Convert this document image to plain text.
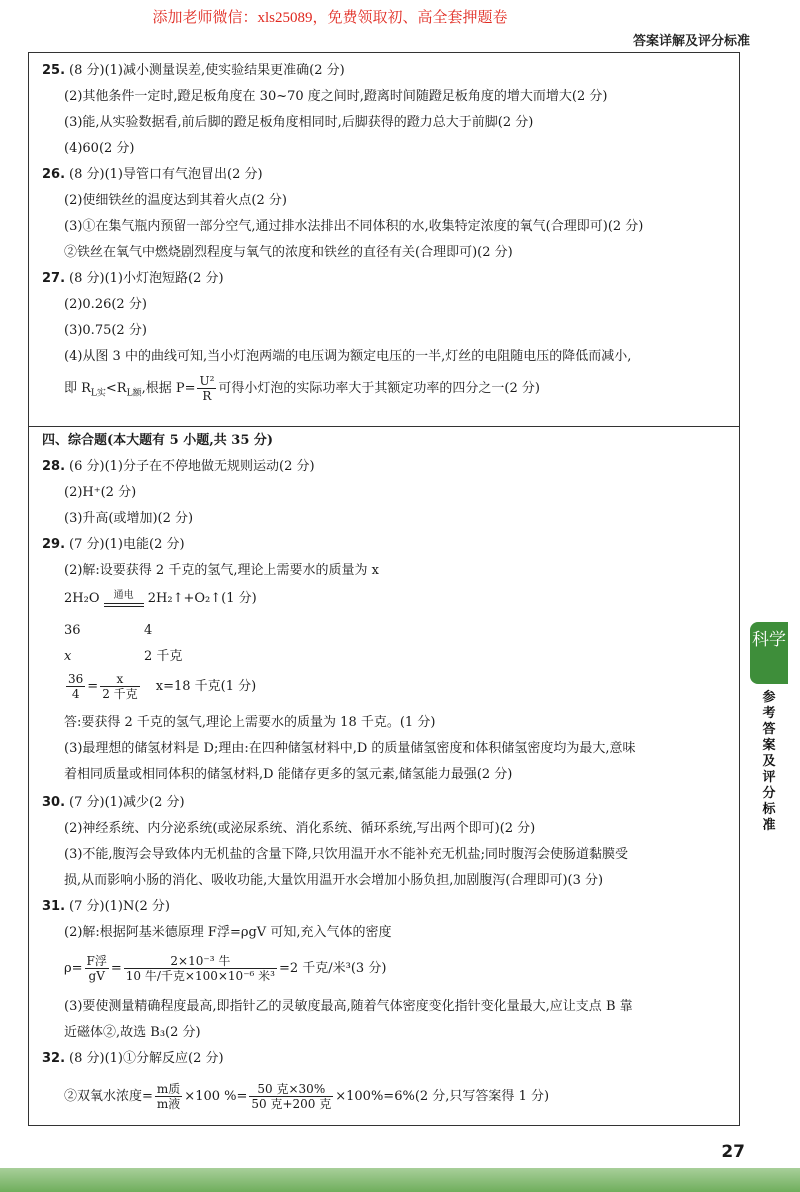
添加老师微信：xls25089，免费领取初、高全套押题卷
答案详解及评分标准
25. (8 分)(1)减小测量误差,使实验结果更准确(2 分)
(2)其他条件一定时,蹬足板角度在 30~70 度之间时,蹬离时间随蹬足板角度的增大而增大(2 分)
(3)能,从实验数据看,前后脚的蹬足板角度相同时,后脚获得的蹬力总大于前脚(2 分)
(4)60(2 分)
26. (8 分)(1)导管口有气泡冒出(2 分)
(2)使细铁丝的温度达到其着火点(2 分)
(3)①在集气瓶内预留一部分空气,通过排水法排出不同体积的水,收集特定浓度的氧气(合理即可)(2 分)
②铁丝在氧气中燃烧剧烈程度与氧气的浓度和铁丝的直径有关(合理即可)(2 分)
27. (8 分)(1)小灯泡短路(2 分)
(2)0.26(2 分)
(3)0.75(2 分)
(4)从图 3 中的曲线可知,当小灯泡两端的电压调为额定电压的一半,灯丝的电阻随电压的降低而减小,
即 $R_{L实}<R_{L额}$,根据 $P= \frac{\text{U²}}{R}$ 可得小灯泡的实际功率大于其额定功率的四分之一(2 分)
四、综合题(本大题有 5 小题,共 35 分)
28. (6 分)(1)分子在不停地做无规则运动(2 分)
(2)H⁺(2 分)
(3)升高(或增加)(2 分)
29. (7 分)(1)电能(2 分)
(2)解:设要获得 2 千克的氢气,理论上需要水的质量为 x
2H₂O	通电	2H₂↑+O₂↑(1 分)
36	4
x	2 千克
$\frac{36}{4} = \frac{x}{\text{2 千克}} x=18$ 千克(1 分)
答:要获得 2 千克的氢气,理论上需要水的质量为 18 千克。(1 分)
(3)最理想的储氢材料是 D;理由:在四种储氢材料中,D 的质量储氢密度和体积储氢密度均为最大,意味
着相同质量或相同体积的储氢材料,D 能储存更多的氢元素,储氢能力最强(2 分)
30. (7 分)(1)减少(2 分)
(2)神经系统、内分泌系统(或泌尿系统、消化系统、循环系统,写出两个即可)(2 分)
(3)不能,腹泻会导致体内无机盐的含量下降,只饮用温开水不能补充无机盐;同时腹泻会使肠道黏膜受
损,从而影响小肠的消化、吸收功能,大量饮用温开水会增加小肠负担,加剧腹泻(合理即可)(3 分)
31. (7 分)(1)N(2 分)
(2)解:根据阿基米德原理 F浮=ρgV 可知,充入气体的密度
$\rho= \frac{\text{F浮}}{gV} = \frac{\text{2×10⁻³ 牛}}{\text{10 牛/千克×100×10⁻⁶ 米³}} =2$ 千克/米³(3 分)
(3)要使测量精确程度最高,即指针乙的灵敏度最高,随着气体密度变化指针变化量最大,应让支点 B 靠
近磁体②,故选 B₃(2 分)
32. (8 分)(1)①分解反应(2 分)
②双氧水浓度= $\frac{\text{m质}}{\text{m液}} \times 100$ %= $\frac{\text{50 克×30\%}}{\text{50 克+200 克}} \times 100\%=6\%(2$ 分,只写答案得 1 分)
科学
参考答案及评分标准
27
